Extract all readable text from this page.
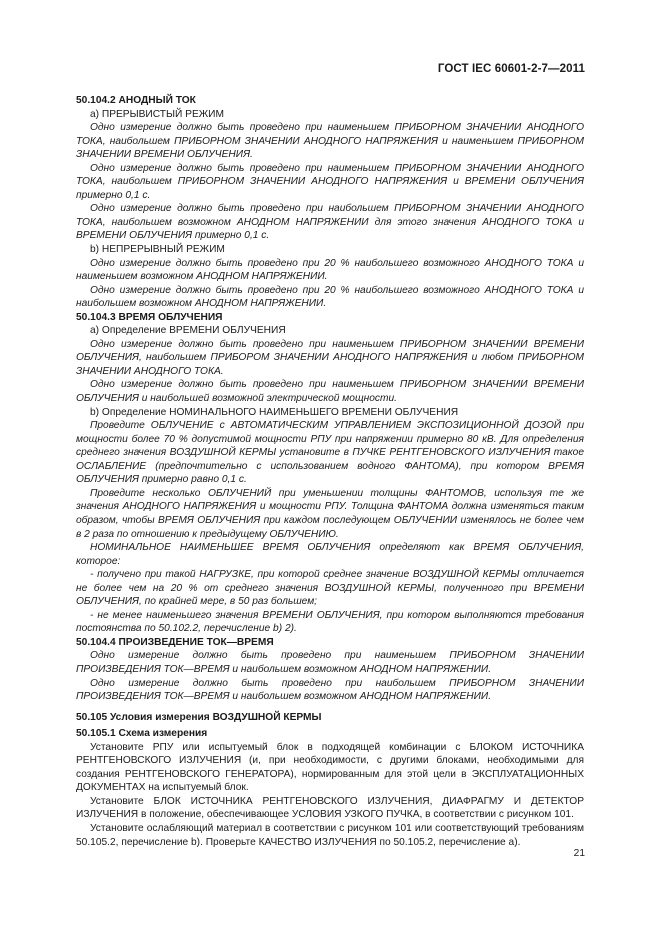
ГОСТ IEC 60601-2-7—2011

50.104.2 АНОДНЫЙ ТОК

а) ПРЕРЫВИСТЫЙ РЕЖИМ

Одно измерение должно быть проведено при наименьшем ПРИБОРНОМ ЗНАЧЕНИИ АНОДНОГО ТОКА, наибольшем ПРИБОРНОМ ЗНАЧЕНИИ АНОДНОГО НАПРЯЖЕНИЯ и наименьшем ПРИБОРНОМ ЗНАЧЕНИИ ВРЕМЕНИ ОБЛУЧЕНИЯ.

Одно измерение должно быть проведено при наименьшем ПРИБОРНОМ ЗНАЧЕНИИ АНОДНОГО ТОКА, наибольшем ПРИБОРНОМ ЗНАЧЕНИИ АНОДНОГО НАПРЯЖЕНИЯ и ВРЕМЕНИ ОБЛУЧЕНИЯ примерно 0,1 с.

Одно измерение должно быть проведено при наибольшем ПРИБОРНОМ ЗНАЧЕНИИ АНОДНОГО ТОКА, наибольшем возможном АНОДНОМ НАПРЯЖЕНИИ для этого значения АНОДНОГО ТОКА и ВРЕМЕНИ ОБЛУЧЕНИЯ примерно 0,1 с.

b) НЕПРЕРЫВНЫЙ РЕЖИМ

Одно измерение должно быть проведено при 20 % наибольшего возможного АНОДНОГО ТОКА и наименьшем возможном АНОДНОМ НАПРЯЖЕНИИ.

Одно измерение должно быть проведено при 20 % наибольшего возможного АНОДНОГО ТОКА и наибольшем возможном АНОДНОМ НАПРЯЖЕНИИ.

50.104.3 ВРЕМЯ ОБЛУЧЕНИЯ

а) Определение ВРЕМЕНИ ОБЛУЧЕНИЯ

Одно измерение должно быть проведено при наименьшем ПРИБОРНОМ ЗНАЧЕНИИ ВРЕМЕНИ ОБЛУЧЕНИЯ, наибольшем ПРИБОРОМ ЗНАЧЕНИИ АНОДНОГО НАПРЯЖЕНИЯ и любом ПРИБОРНОМ ЗНАЧЕНИИ АНОДНОГО ТОКА.

Одно измерение должно быть проведено при наименьшем ПРИБОРНОМ ЗНАЧЕНИИ ВРЕМЕНИ ОБЛУЧЕНИЯ и наибольшей возможной электрической мощности.

b) Определение НОМИНАЛЬНОГО НАИМЕНЬШЕГО ВРЕМЕНИ ОБЛУЧЕНИЯ

Проведите ОБЛУЧЕНИЕ с АВТОМАТИЧЕСКИМ УПРАВЛЕНИЕМ ЭКСПОЗИЦИОННОЙ ДОЗОЙ при мощности более 70 % допустимой мощности РПУ при напряжении примерно 80 кВ. Для определения среднего значения ВОЗДУШНОЙ КЕРМЫ установите в ПУЧКЕ РЕНТГЕНОВСКОГО ИЗЛУЧЕНИЯ такое ОСЛАБЛЕНИЕ (предпочтительно с использованием водного ФАНТОМА), при котором ВРЕМЯ ОБЛУЧЕНИЯ примерно равно 0,1 с.

Проведите несколько ОБЛУЧЕНИЙ при уменьшении толщины ФАНТОМОВ, используя те же значения АНОДНОГО НАПРЯЖЕНИЯ и мощности РПУ. Толщина ФАНТОМА должна изменяться таким образом, чтобы ВРЕМЯ ОБЛУЧЕНИЯ при каждом последующем ОБЛУЧЕНИИ изменялось не более чем в 2 раза по отношению к предыдущему ОБЛУЧЕНИЮ.

НОМИНАЛЬНОЕ НАИМЕНЬШЕЕ ВРЕМЯ ОБЛУЧЕНИЯ определяют как ВРЕМЯ ОБЛУЧЕНИЯ, которое:

- получено при такой НАГРУЗКЕ, при которой среднее значение ВОЗДУШНОЙ КЕРМЫ отличается не более чем на 20 % от среднего значения ВОЗДУШНОЙ КЕРМЫ, полученного при ВРЕМЕНИ ОБЛУЧЕНИЯ, по крайней мере, в 50 раз большем;

- не менее наименьшего значения ВРЕМЕНИ ОБЛУЧЕНИЯ, при котором выполняются требования постоянства по 50.102.2, перечисление b) 2).

50.104.4 ПРОИЗВЕДЕНИЕ ТОК—ВРЕМЯ

Одно измерение должно быть проведено при наименьшем ПРИБОРНОМ ЗНАЧЕНИИ ПРОИЗВЕДЕНИЯ ТОК—ВРЕМЯ и наибольшем возможном АНОДНОМ НАПРЯЖЕНИИ.

Одно измерение должно быть проведено при наибольшем ПРИБОРНОМ ЗНАЧЕНИИ ПРОИЗВЕДЕНИЯ ТОК—ВРЕМЯ и наибольшем возможном АНОДНОМ НАПРЯЖЕНИИ.

50.105 Условия измерения ВОЗДУШНОЙ КЕРМЫ

50.105.1 Схема измерения

Установите РПУ или испытуемый блок в подходящей комбинации с БЛОКОМ ИСТОЧНИКА РЕНТГЕНОВСКОГО ИЗЛУЧЕНИЯ (и, при необходимости, с другими блоками, необходимыми для создания РЕНТГЕНОВСКОГО ГЕНЕРАТОРА), нормированным для этой цели в ЭКСПЛУАТАЦИОННЫХ ДОКУМЕНТАХ на испытуемый блок.

Установите БЛОК ИСТОЧНИКА РЕНТГЕНОВСКОГО ИЗЛУЧЕНИЯ, ДИАФРАГМУ И ДЕТЕКТОР ИЗЛУЧЕНИЯ в положение, обеспечивающее УСЛОВИЯ УЗКОГО ПУЧКА, в соответствии с рисунком 101.

Установите ослабляющий материал в соответствии с рисунком 101 или соответствующий требованиям 50.105.2, перечисление b). Проверьте КАЧЕСТВО ИЗЛУЧЕНИЯ по 50.105.2, перечисление a).

21
